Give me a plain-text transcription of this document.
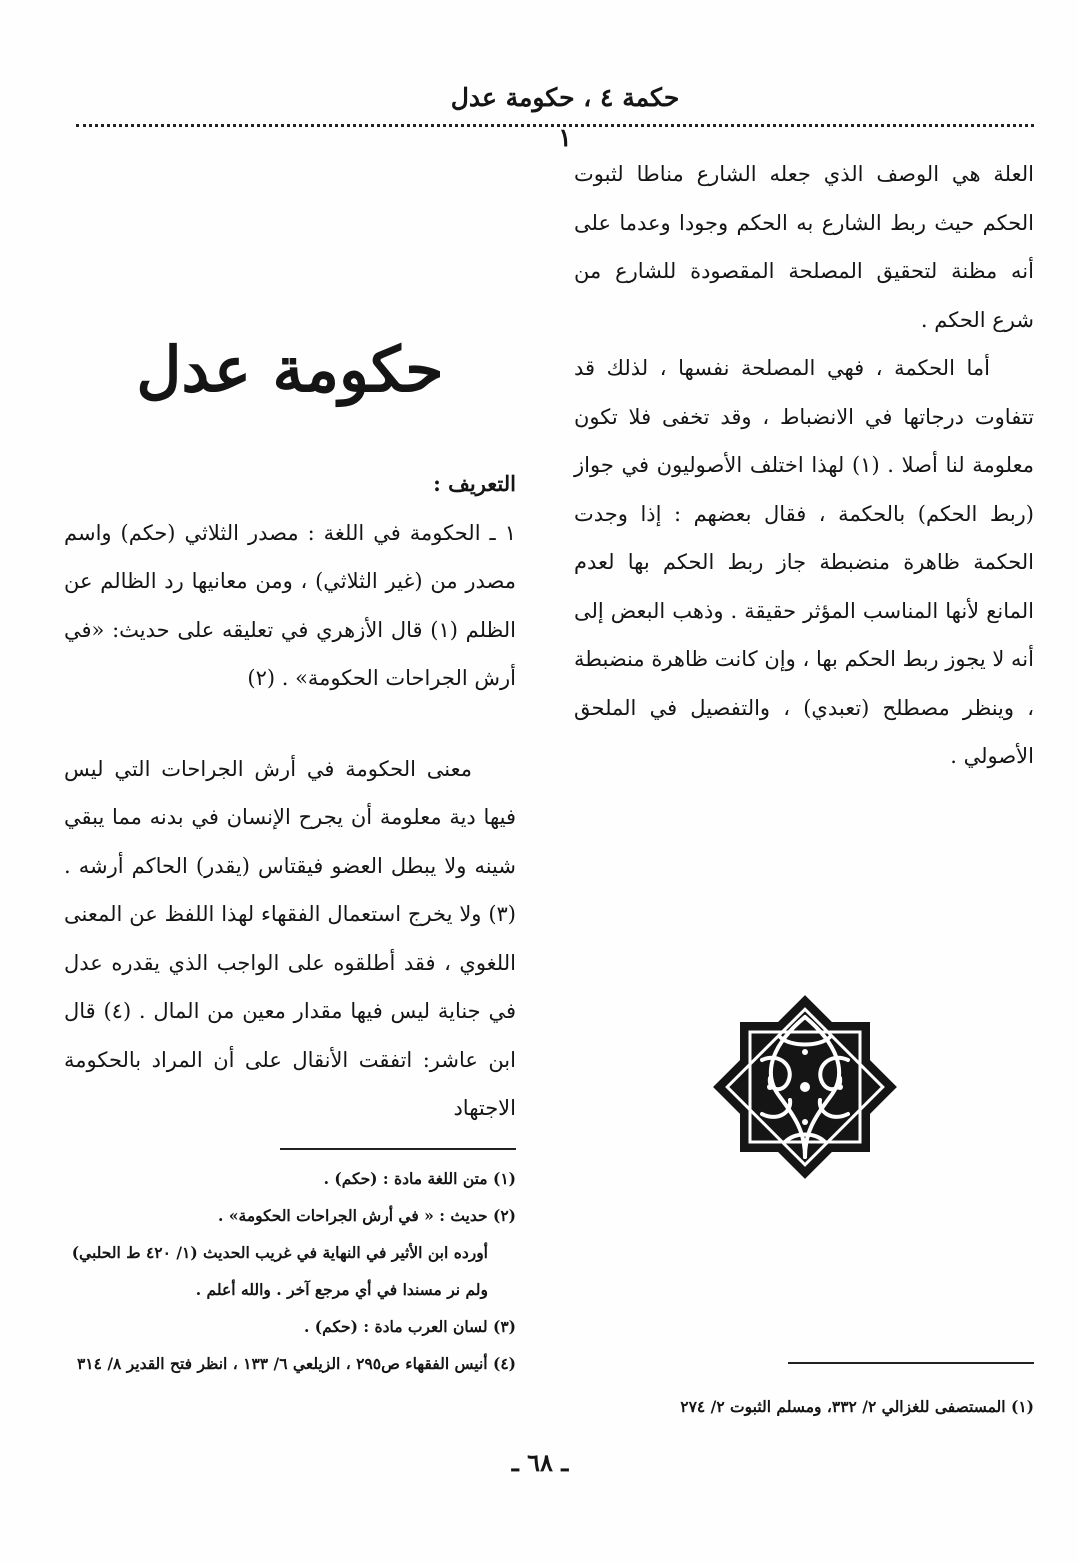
حكمة ٤ ، حكومة عدل ١

العلة هي الوصف الذي جعله الشارع مناطا لثبوت الحكم حيث ربط الشارع به الحكم وجودا وعدما على أنه مظنة لتحقيق المصلحة المقصودة للشارع من شرع الحكم .

أما الحكمة ، فهي المصلحة نفسها ، لذلك قد تتفاوت درجاتها في الانضباط ، وقد تخفى فلا تكون معلومة لنا أصلا . (١) لهذا اختلف الأصوليون في جواز (ربط الحكم) بالحكمة ، فقال بعضهم : إذا وجدت الحكمة ظاهرة منضبطة جاز ربط الحكم بها لعدم المانع لأنها المناسب المؤثر حقيقة . وذهب البعض إلى أنه لا يجوز ربط الحكم بها ، وإن كانت ظاهرة منضبطة ، وينظر مصطلح (تعبدي) ، والتفصيل في الملحق الأصولي .

حكومة عدل

التعريف :

١ ـ الحكومة في اللغة : مصدر الثلاثي (حكم) واسم مصدر من (غير الثلاثي) ، ومن معانيها رد الظالم عن الظلم (١) قال الأزهري في تعليقه على حديث: «في أرش الجراحات الحكومة» . (٢)

معنى الحكومة في أرش الجراحات التي ليس فيها دية معلومة أن يجرح الإنسان في بدنه مما يبقي شينه ولا يبطل العضو فيقتاس (يقدر) الحاكم أرشه . (٣) ولا يخرج استعمال الفقهاء لهذا اللفظ عن المعنى اللغوي ، فقد أطلقوه على الواجب الذي يقدره عدل في جناية ليس فيها مقدار معين من المال . (٤) قال ابن عاشر: اتفقت الأنقال على أن المراد بالحكومة الاجتهاد

(١) متن اللغة مادة : (حكم) .

(٢) حديث : « في أرش الجراحات الحكومة» .

أورده ابن الأثير في النهاية في غريب الحديث (١/ ٤٢٠ ط الحلبي) ولم نر مسندا في أي مرجع آخر . والله أعلم .

(٣) لسان العرب مادة : (حكم) .

(٤) أنيس الفقهاء ص٢٩٥ ، الزيلعي ٦/ ١٣٣ ، انظر فتح القدير ٨/ ٣١٤

(١) المستصفى للغزالي ٢/ ٣٣٢، ومسلم الثبوت ٢/ ٢٧٤

ـ ٦٨ ـ
